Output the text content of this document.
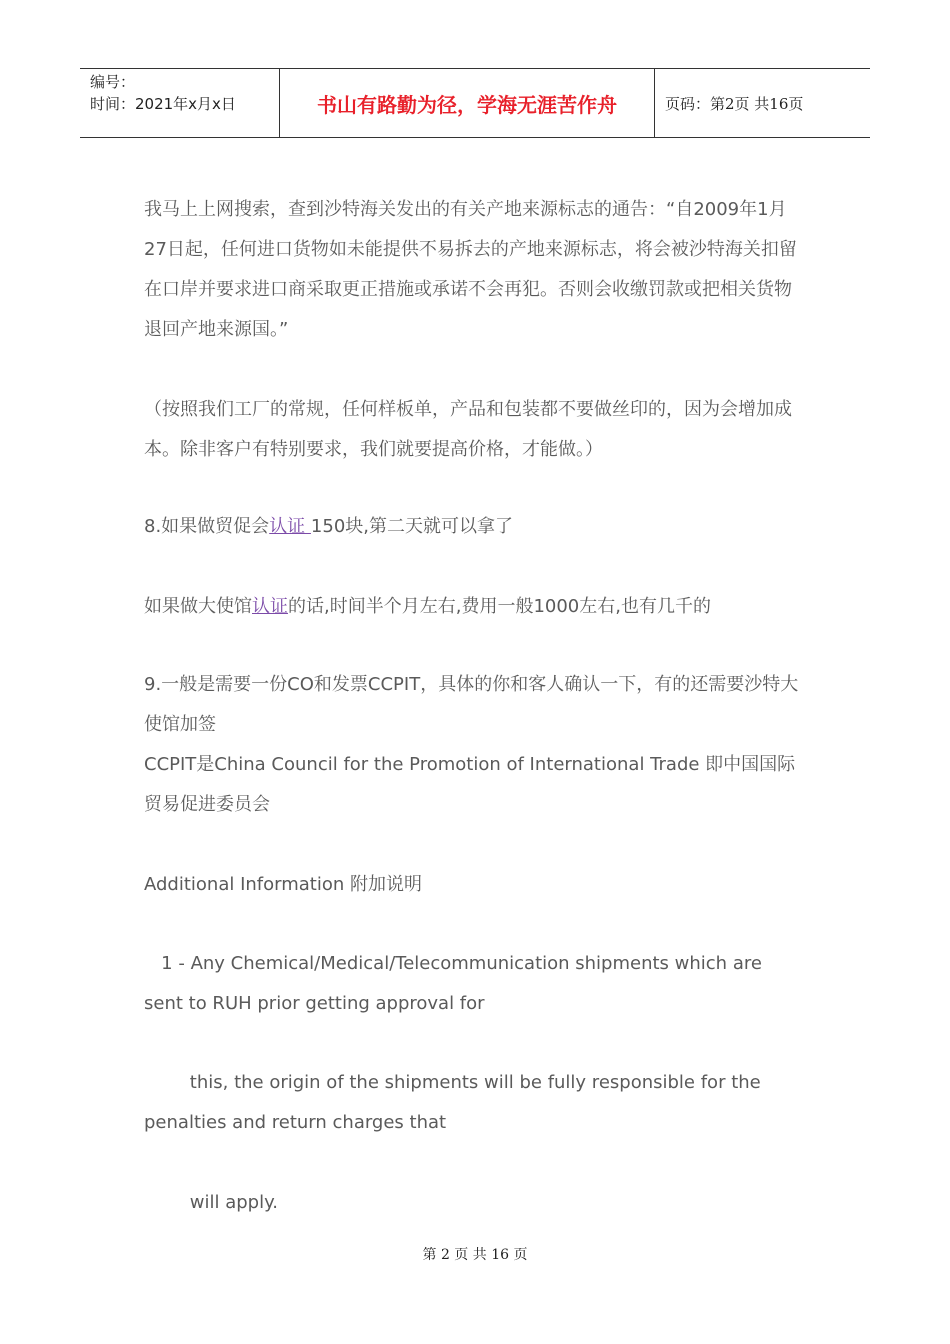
编号：
时间：2021年x月x日	书山有路勤为径，学海无涯苦作舟	页码：第2页 共16页
我马上上网搜索，查到沙特海关发出的有关产地来源标志的通告：“自2009年1月27日起，任何进口货物如未能提供不易拆去的产地来源标志，将会被沙特海关扣留在口岸并要求进口商采取更正措施或承诺不会再犯。否则会收缴罚款或把相关货物退回产地来源国。”
（按照我们工厂的常规，任何样板单，产品和包装都不要做丝印的，因为会增加成本。除非客户有特别要求，我们就要提高价格，才能做。）
8.如果做贸促会认证 150块,第二天就可以拿了
如果做大使馆认证的话,时间半个月左右,费用一般1000左右,也有几千的
9.一般是需要一份CO和发票CCPIT，具体的你和客人确认一下，有的还需要沙特大使馆加签
CCPIT是China Council for the Promotion of International Trade 即中国国际贸易促进委员会
Additional Information 附加说明
1 - Any Chemical/Medical/Telecommunication shipments which are sent to RUH prior getting approval for
this, the origin of the shipments will be fully responsible for the penalties and return charges that
will apply.
第 2 页 共 16 页
